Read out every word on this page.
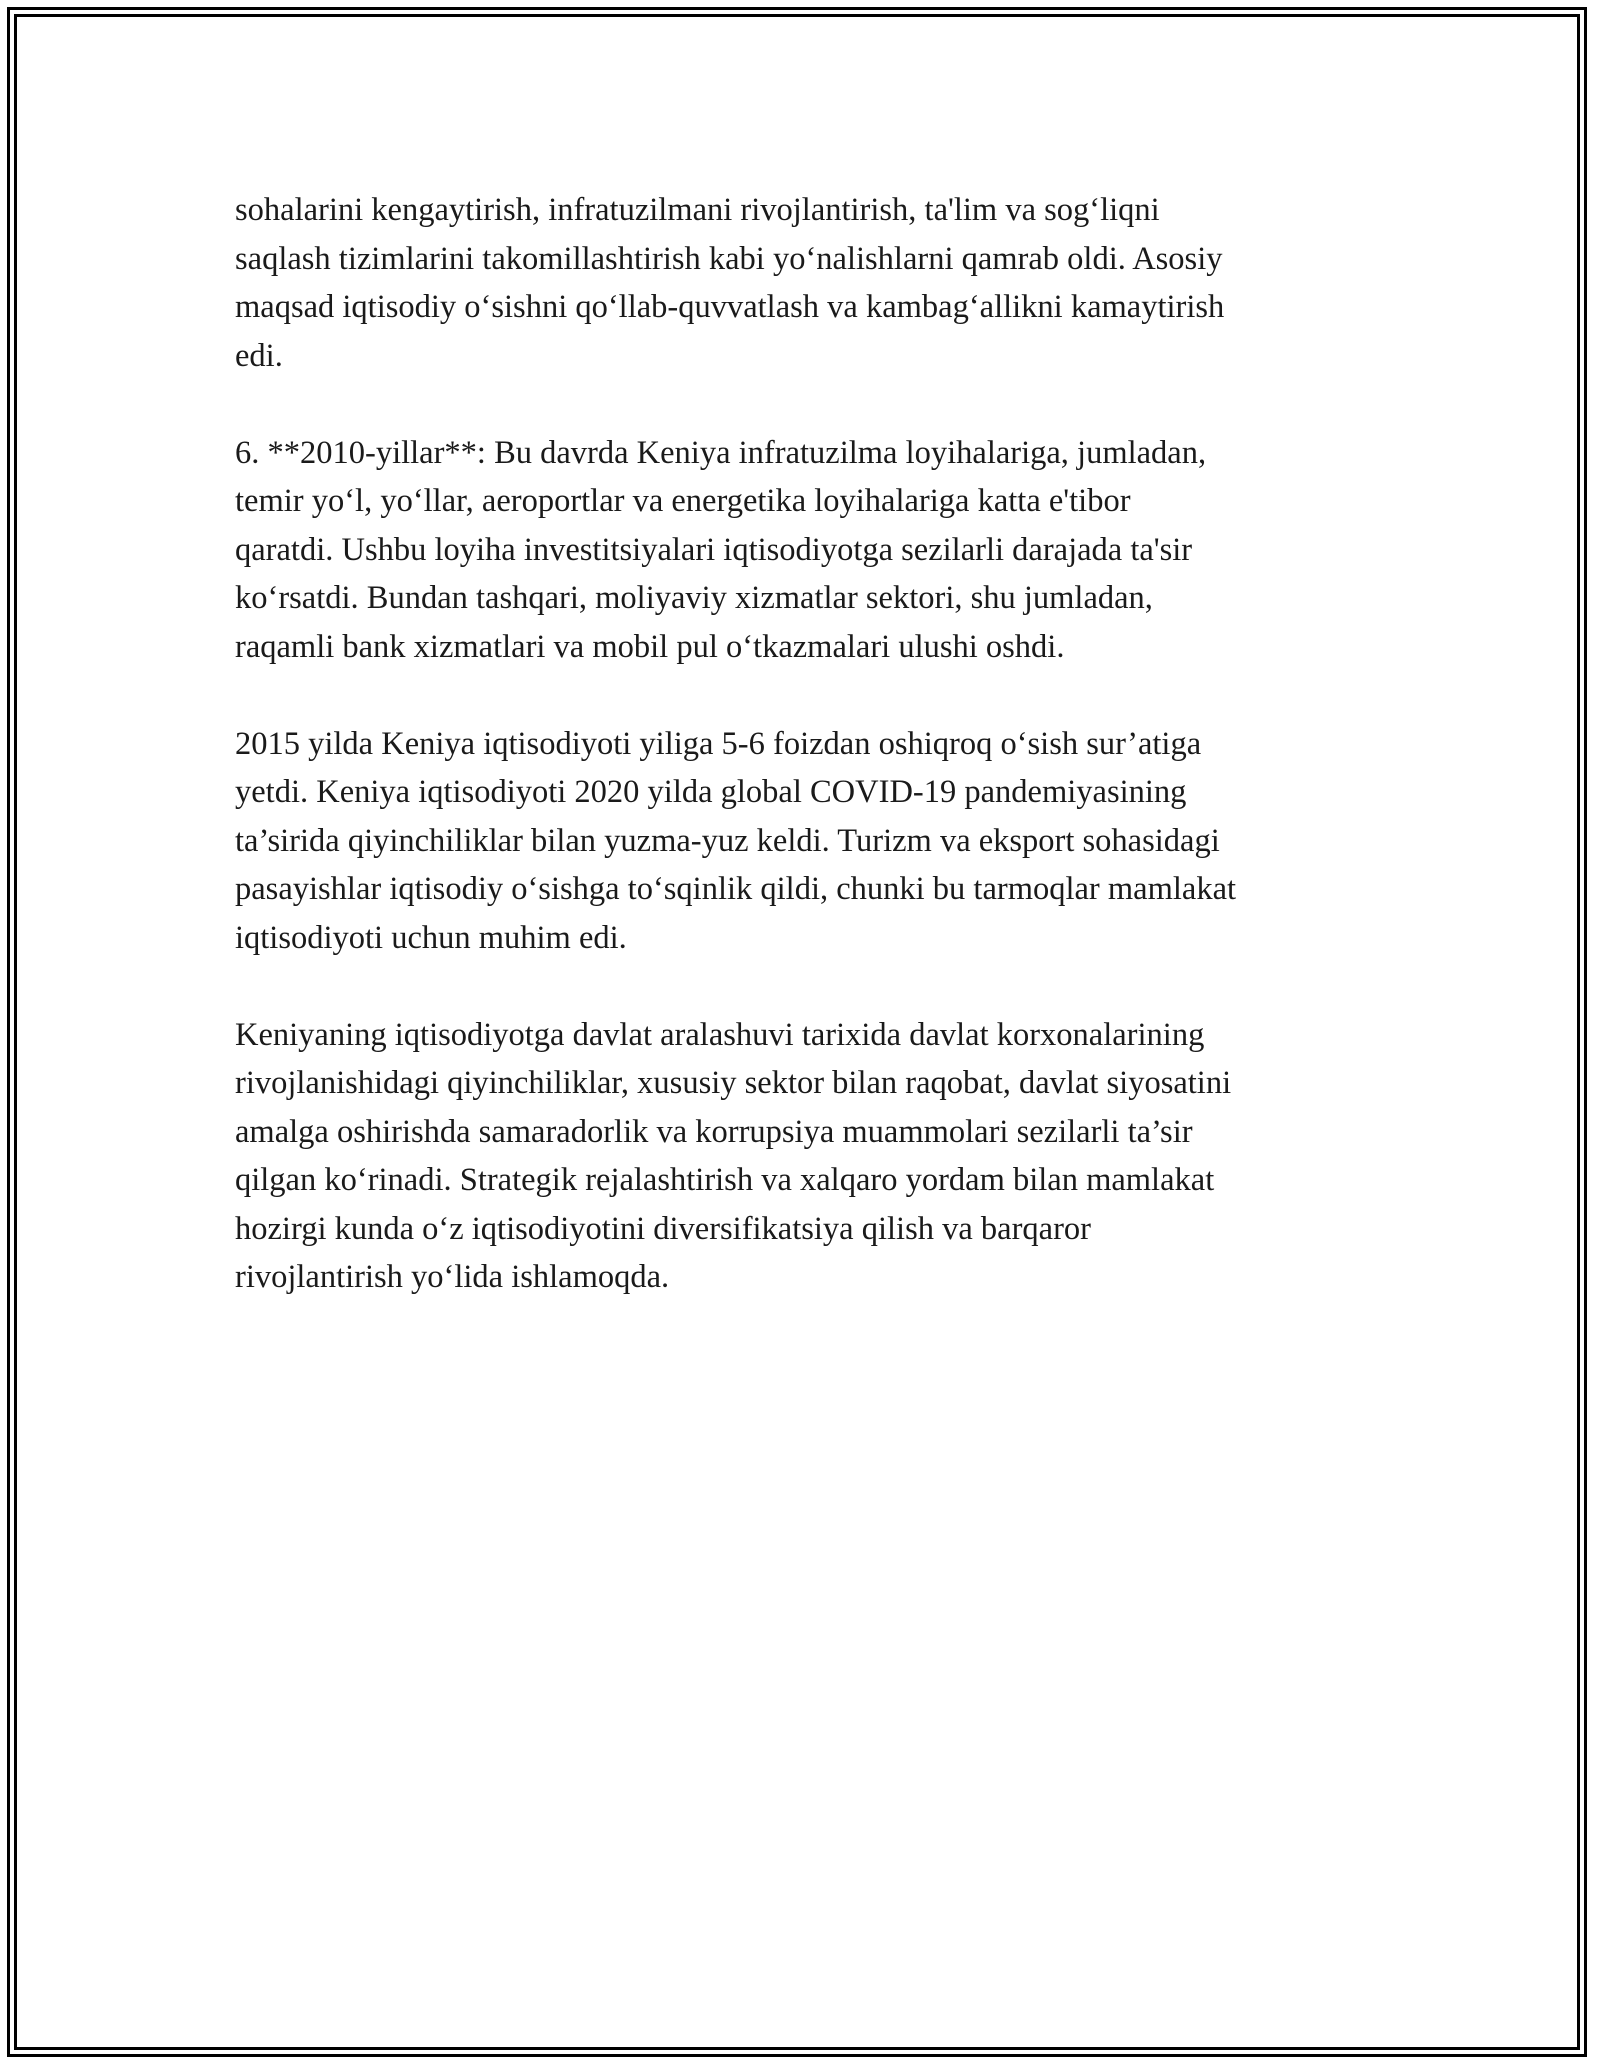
sohalarini kengaytirish, infratuzilmani rivojlantirish, ta'lim va sog‘liqni
saqlash tizimlarini takomillashtirish kabi yo‘nalishlarni qamrab oldi. Asosiy
maqsad iqtisodiy o‘sishni qo‘llab-quvvatlash va kambag‘allikni kamaytirish
edi.

6. **2010-yillar**: Bu davrda Keniya infratuzilma loyihalariga, jumladan,
temir yo‘l, yo‘llar, aeroportlar va energetika loyihalariga katta e'tibor
qaratdi. Ushbu loyiha investitsiyalari iqtisodiyotga sezilarli darajada ta'sir
ko‘rsatdi. Bundan tashqari, moliyaviy xizmatlar sektori, shu jumladan,
raqamli bank xizmatlari va mobil pul o‘tkazmalari ulushi oshdi.

2015 yilda Keniya iqtisodiyoti yiliga 5-6 foizdan oshiqroq o‘sish sur’atiga
yetdi. Keniya iqtisodiyoti 2020 yilda global COVID-19 pandemiyasining
ta’sirida qiyinchiliklar bilan yuzma-yuz keldi. Turizm va eksport sohasidagi
pasayishlar iqtisodiy o‘sishga to‘sqinlik qildi, chunki bu tarmoqlar mamlakat
iqtisodiyoti uchun muhim edi.

Keniyaning iqtisodiyotga davlat aralashuvi tarixida davlat korxonalarining
rivojlanishidagi qiyinchiliklar, xususiy sektor bilan raqobat, davlat siyosatini
amalga oshirishda samaradorlik va korrupsiya muammolari sezilarli ta’sir
qilgan ko‘rinadi. Strategik rejalashtirish va xalqaro yordam bilan mamlakat
hozirgi kunda o‘z iqtisodiyotini diversifikatsiya qilish va barqaror
rivojlantirish yo‘lida ishlamoqda.
